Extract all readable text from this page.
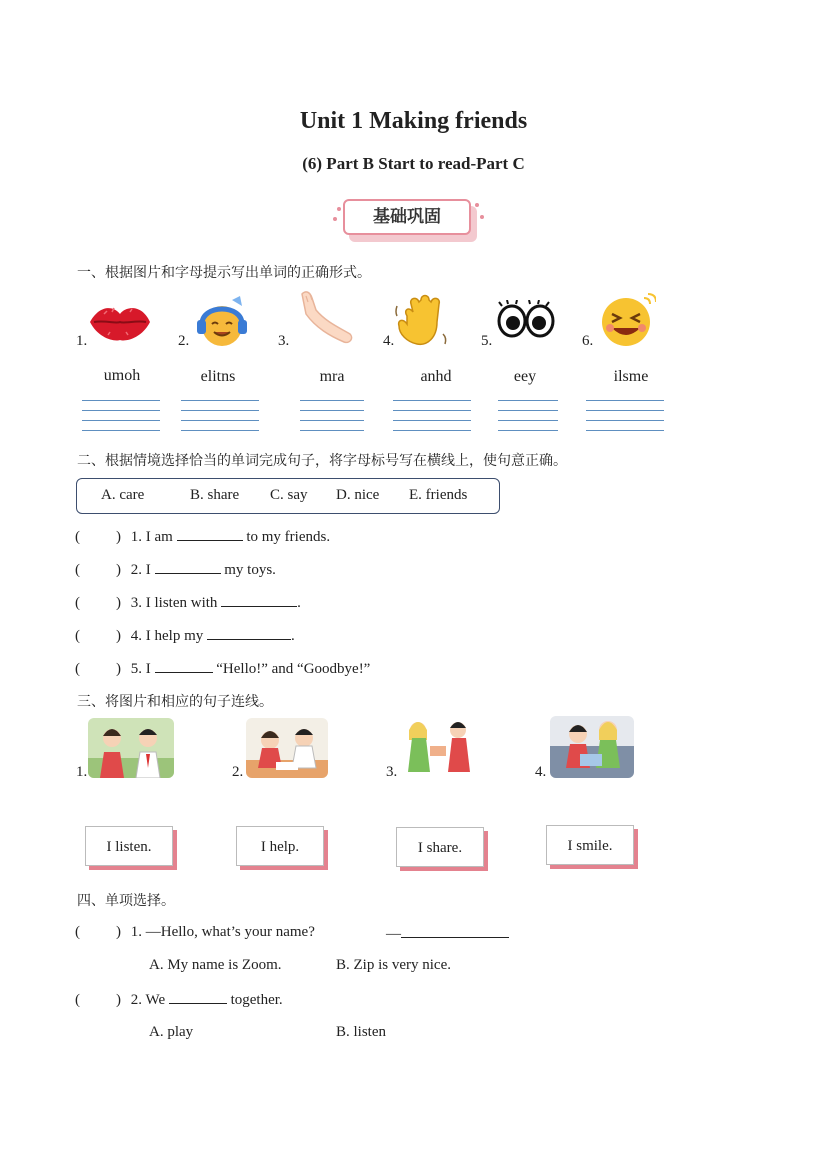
Unit 1 Making friends
(6) Part B Start to read-Part C
基础巩固
一、根据图片和字母提示写出单词的正确形式。
1.	2.	3.	4.	5.	6.
umoh	elitns	mra	anhd	eey	ilsme
二、根据情境选择恰当的单词完成句子，将字母标号写在横线上，使句意正确。
A. care	B. share C. say D. nice E. friends
( ) 1. I am	to my friends.
( ) 2. I	my toys.
( ) 3. I listen with	.
( ) 4. I help my	.
( ) 5. I	“Hello!” and “Goodbye!”
三、将图片和相应的句子连线。
1.	2.	3.	4.
I listen.	I help.	I share.	I smile.
四、单项选择。
( ) 1. —Hello, what’s your name?	—
A. My name is Zoom.	B. Zip is very nice.
( ) 2. We	together.
A. play	B. listen
